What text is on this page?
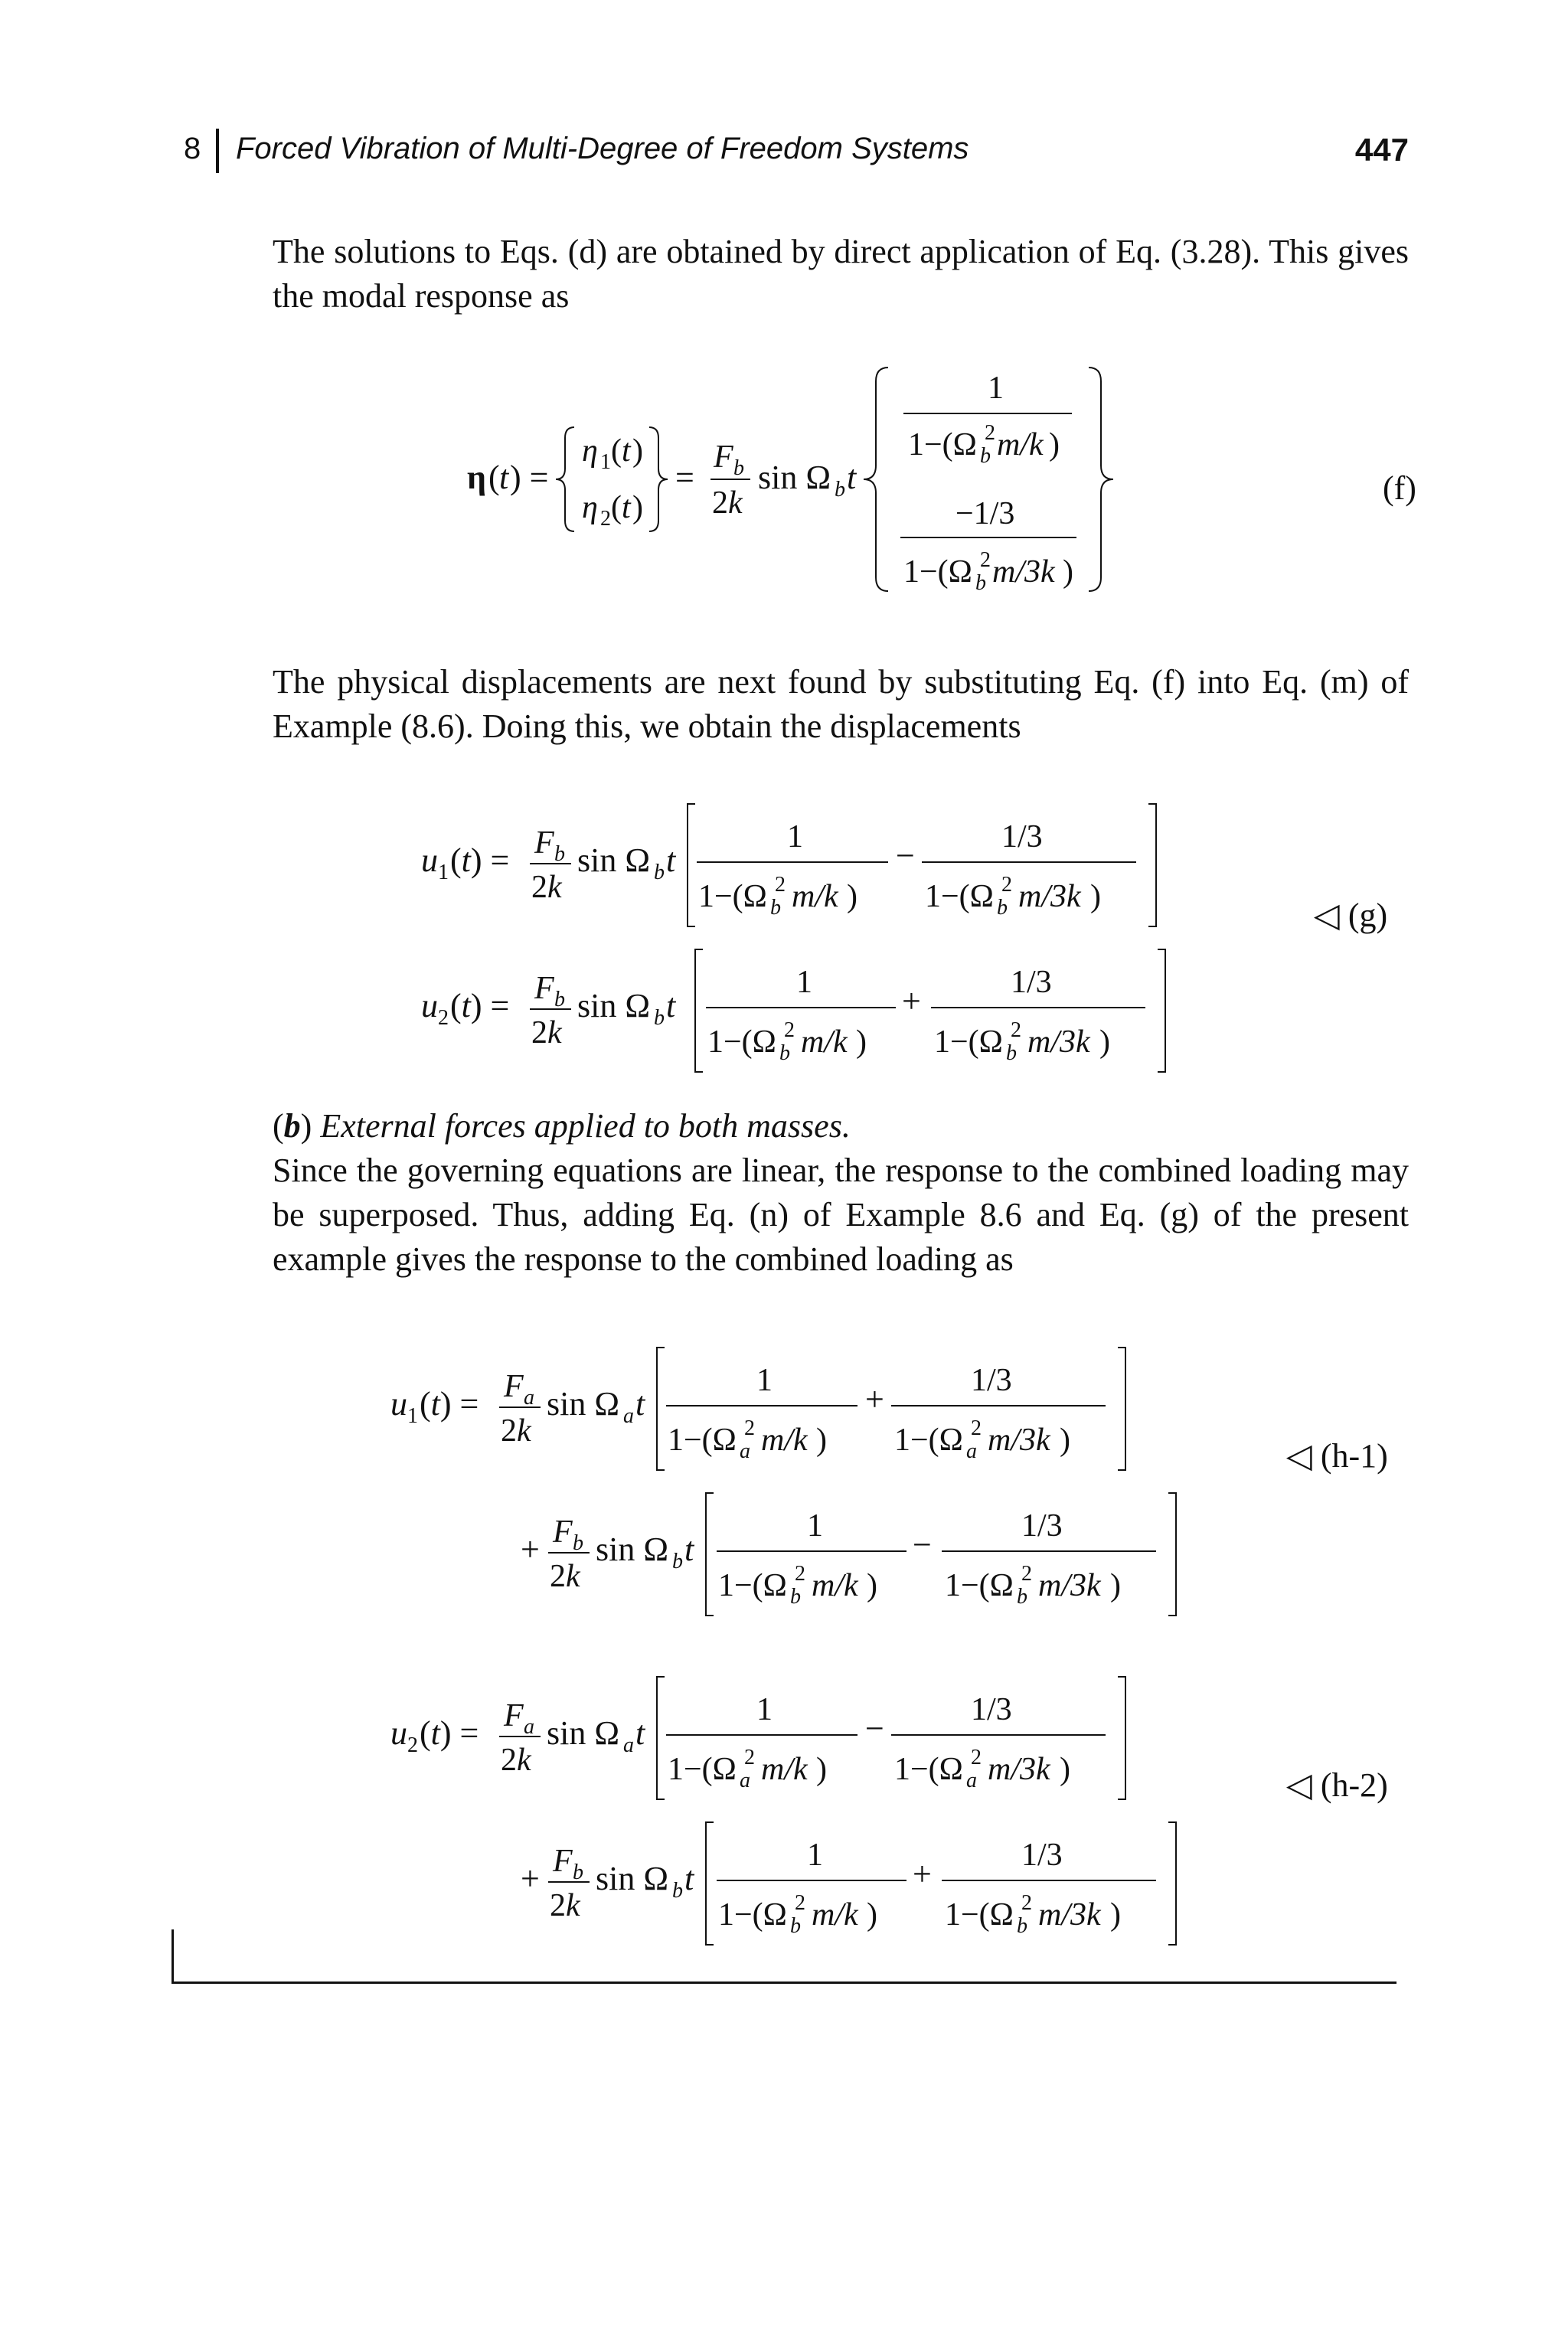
8 Forced Vibration of Multi-Degree of Freedom Systems	447
The solutions to Eqs. (d) are obtained by direct application of Eq. (3.28). This gives the modal response as
η ( t ) =
η 1 ( t )
η 2 ( t )
=
F b
2k
sin Ω b t
1
1−(Ω b
2 m/k )
−1/3
1−(Ω b
2 m/3k )
(f)
The physical displacements are next found by substituting Eq. (f) into Eq. (m) of Example (8.6). Doing this, we obtain the displacements
u 1 (t) = F b
2k
sin Ω b t
1
1−(Ω b
2 m/k )
−	1/3
1−(Ω b
2 m/3k )
u 2 (t) = F b
2k
sin Ω b t
1
1−(Ω b
2 m/k )
+	1/3
1−(Ω b
2 m/3k )
◁ (g)
(b) External forces applied to both masses.
Since the governing equations are linear, the response to the combined loading may be superposed. Thus, adding Eq. (n) of Example 8.6 and Eq. (g) of the present example gives the response to the combined loading as
u 1 (t) = F a
2k
sin Ω a t
1
1−(Ω a
2 m/k )
+	1/3
1−(Ω a
2 m/3k )
+ F b
2k
sin Ω b t
1
1−(Ω b
2 m/k )
−	1/3
1−(Ω b
2 m/3k )
◁ (h-1)
u 2 (t) = F a
2k
sin Ω a t
1
1−(Ω a
2 m/k )
−	1/3
1−(Ω a
2 m/3k )
+ F b
2k
sin Ω b t
1
1−(Ω b
2 m/k )
+	1/3
1−(Ω b
2 m/3k )
◁ (h-2)
